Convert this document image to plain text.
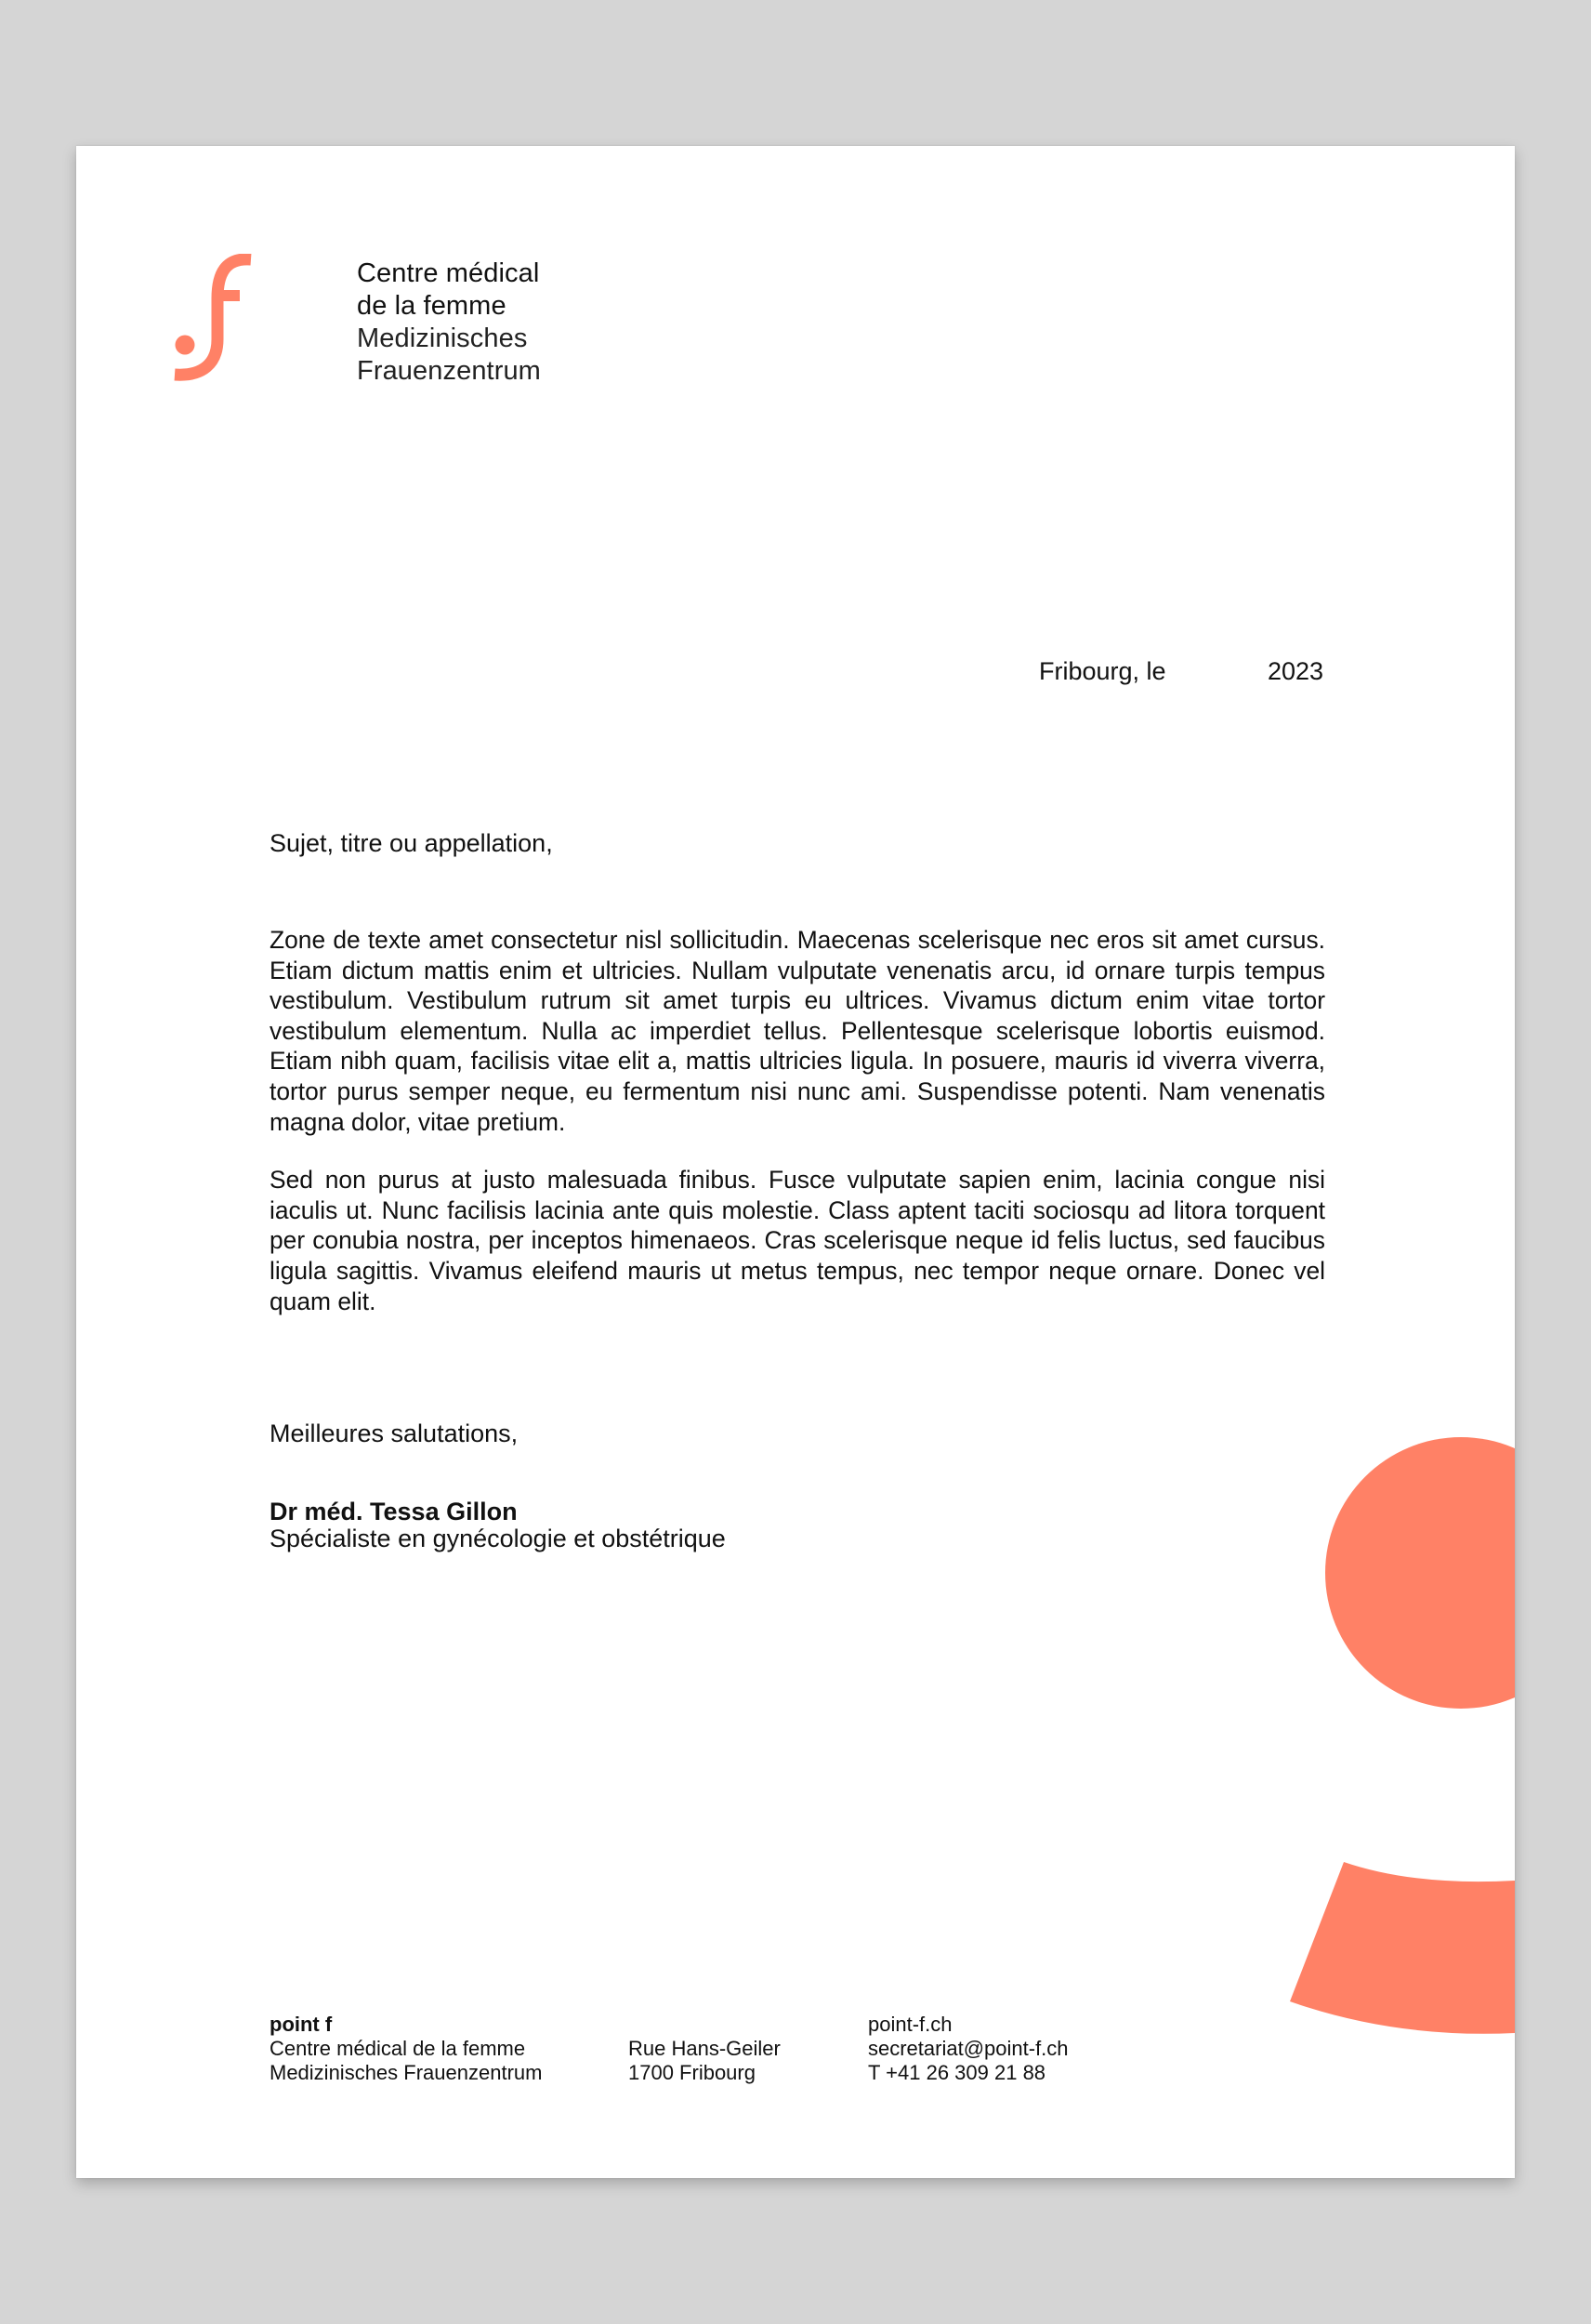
Centre médical
de la femme
Medizinisches
Frauenzentrum
Fribourg, le	2023
Sujet, titre ou appellation,

Zone de texte amet consectetur nisl sollicitudin. Maecenas scelerisque nec eros sit amet cursus. Etiam dictum mattis enim et ultricies. Nullam vulputate venenatis arcu, id ornare turpis tempus vestibulum. Vestibulum rutrum sit amet turpis eu ultrices. Vivamus dictum enim vitae tortor vestibulum elementum. Nulla ac imperdiet tellus. Pellentesque scelerisque lobortis euismod. Etiam nibh quam, facilisis vitae elit a, mattis ultricies ligula. In posuere, mauris id viverra viverra, tortor purus semper neque, eu fermentum nisi nunc ami. Suspendisse potenti. Nam venenatis magna dolor, vitae pretium.

Sed non purus at justo malesuada finibus. Fusce vulputate sapien enim, lacinia congue nisi iaculis ut. Nunc facilisis lacinia ante quis molestie. Class aptent taciti sociosqu ad litora torquent per conubia nostra, per inceptos himenaeos. Cras scelerisque neque id felis luctus, sed faucibus ligula sagittis. Vivamus eleifend mauris ut metus tempus, nec tempor neque ornare. Donec vel quam elit.

Meilleures salutations,
Dr méd. Tessa Gillon
Spécialiste en gynécologie et obstétrique
point f
Centre médical de la femme
Medizinisches Frauenzentrum
Rue Hans-Geiler
1700 Fribourg
point-f.ch
secretariat@point-f.ch
T +41 26 309 21 88
